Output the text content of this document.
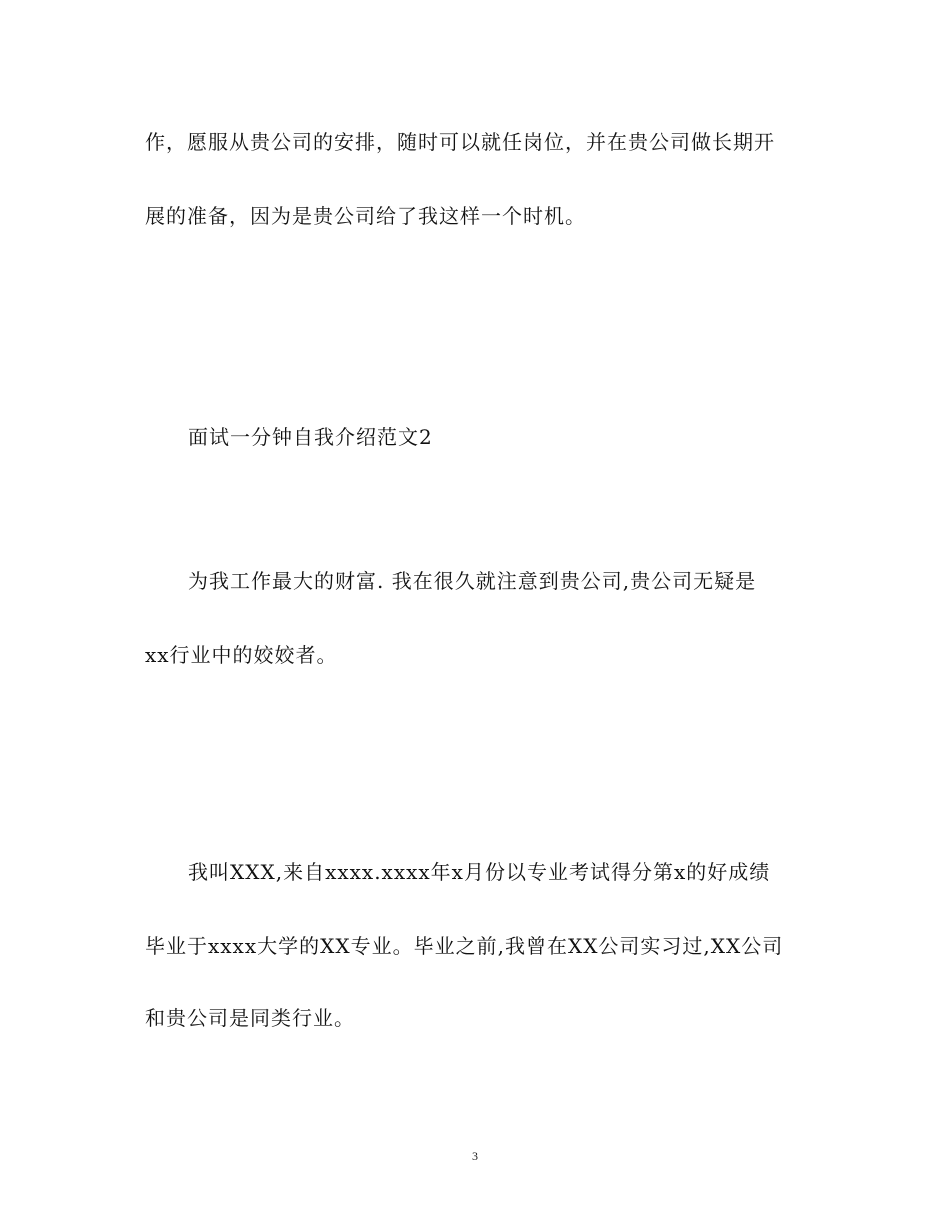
作，愿服从贵公司的安排，随时可以就任岗位，并在贵公司做长期开
展的准备，因为是贵公司给了我这样一个时机。
面试一分钟自我介绍范文2
为我工作最大的财富. 我在很久就注意到贵公司,贵公司无疑是
xx行业中的姣姣者。
我叫XXX,来自xxxx.xxxx年x月份以专业考试得分第x的好成绩
毕业于xxxx大学的XX专业。毕业之前,我曾在XX公司实习过,XX公司
和贵公司是同类行业。
3
